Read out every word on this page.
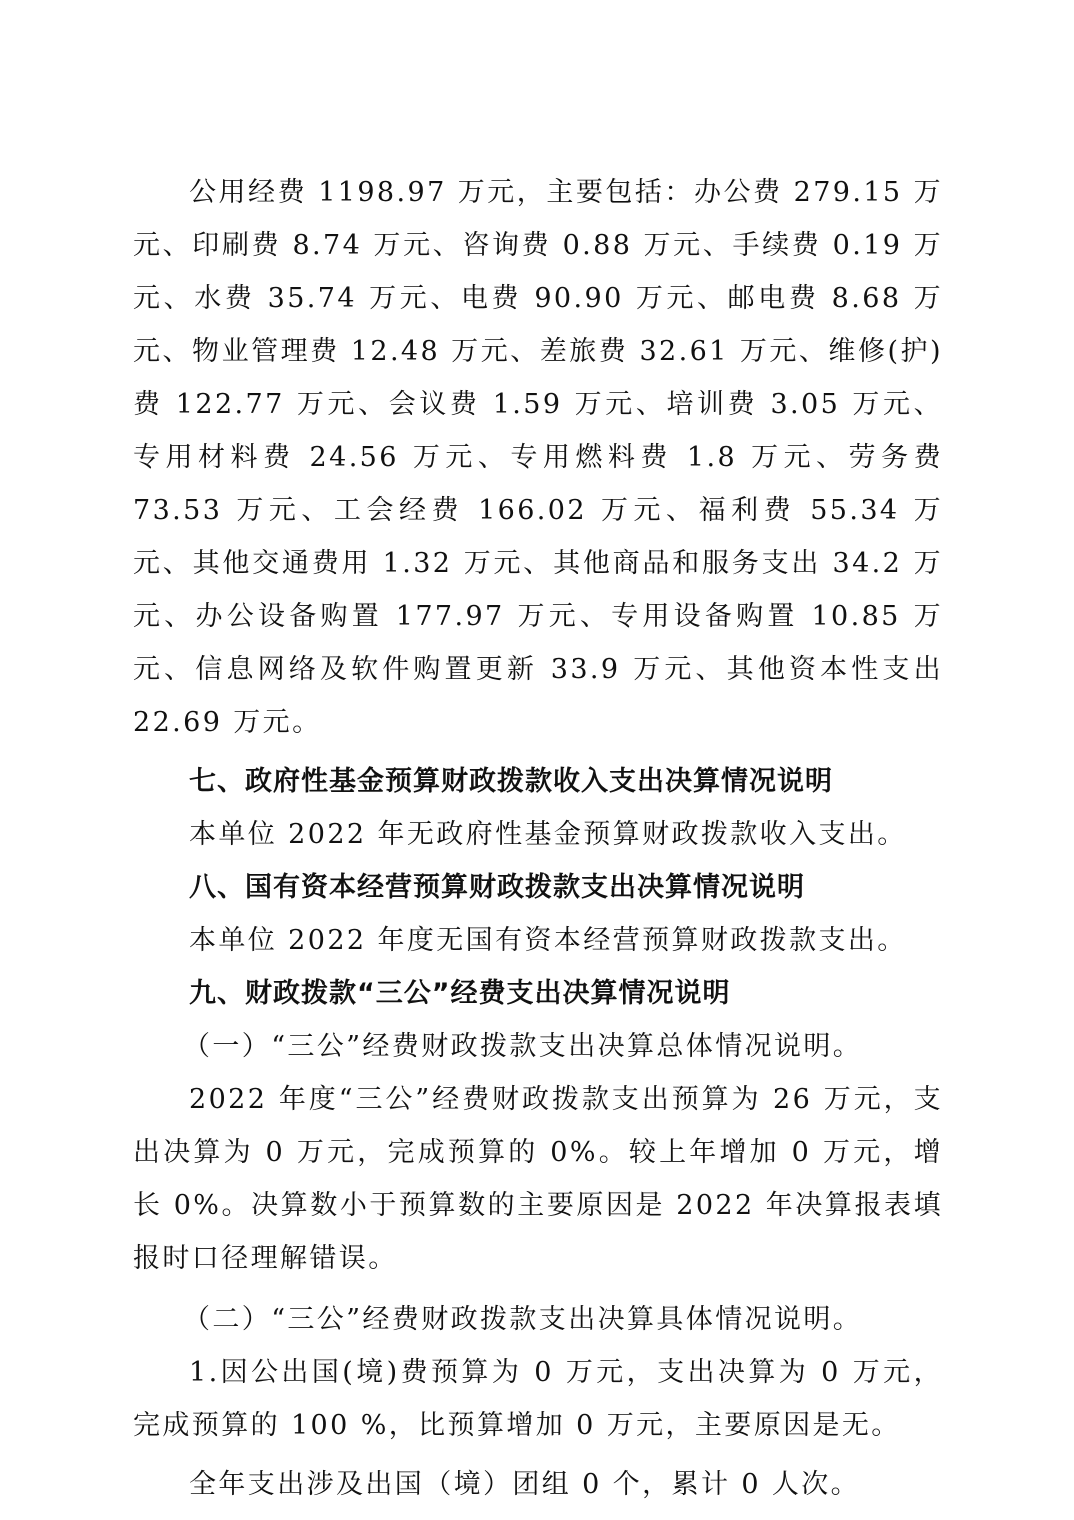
公用经费 1198.97 万元，主要包括：办公费 279.15 万元、印刷费 8.74 万元、咨询费 0.88 万元、手续费 0.19 万元、水费 35.74 万元、电费 90.90 万元、邮电费 8.68 万元、物业管理费 12.48 万元、差旅费 32.61 万元、维修(护)费 122.77 万元、会议费 1.59 万元、培训费 3.05 万元、专用材料费 24.56 万元、专用燃料费 1.8 万元、劳务费 73.53 万元、工会经费 166.02 万元、福利费 55.34 万元、其他交通费用 1.32 万元、其他商品和服务支出 34.2 万元、办公设备购置 177.97 万元、专用设备购置 10.85 万元、信息网络及软件购置更新 33.9 万元、其他资本性支出 22.69 万元。

七、政府性基金预算财政拨款收入支出决算情况说明

本单位 2022 年无政府性基金预算财政拨款收入支出。

八、国有资本经营预算财政拨款支出决算情况说明

本单位 2022 年度无国有资本经营预算财政拨款支出。

九、财政拨款“三公”经费支出决算情况说明

（一）“三公”经费财政拨款支出决算总体情况说明。

2022 年度“三公”经费财政拨款支出预算为 26 万元，支出决算为 0 万元，完成预算的 0%。较上年增加 0 万元，增长 0%。决算数小于预算数的主要原因是 2022 年决算报表填报时口径理解错误。

（二）“三公”经费财政拨款支出决算具体情况说明。

1.因公出国(境)费预算为 0 万元，支出决算为 0 万元，完成预算的 100 %，比预算增加 0 万元，主要原因是无。

全年支出涉及出国（境）团组 0 个，累计 0 人次。
